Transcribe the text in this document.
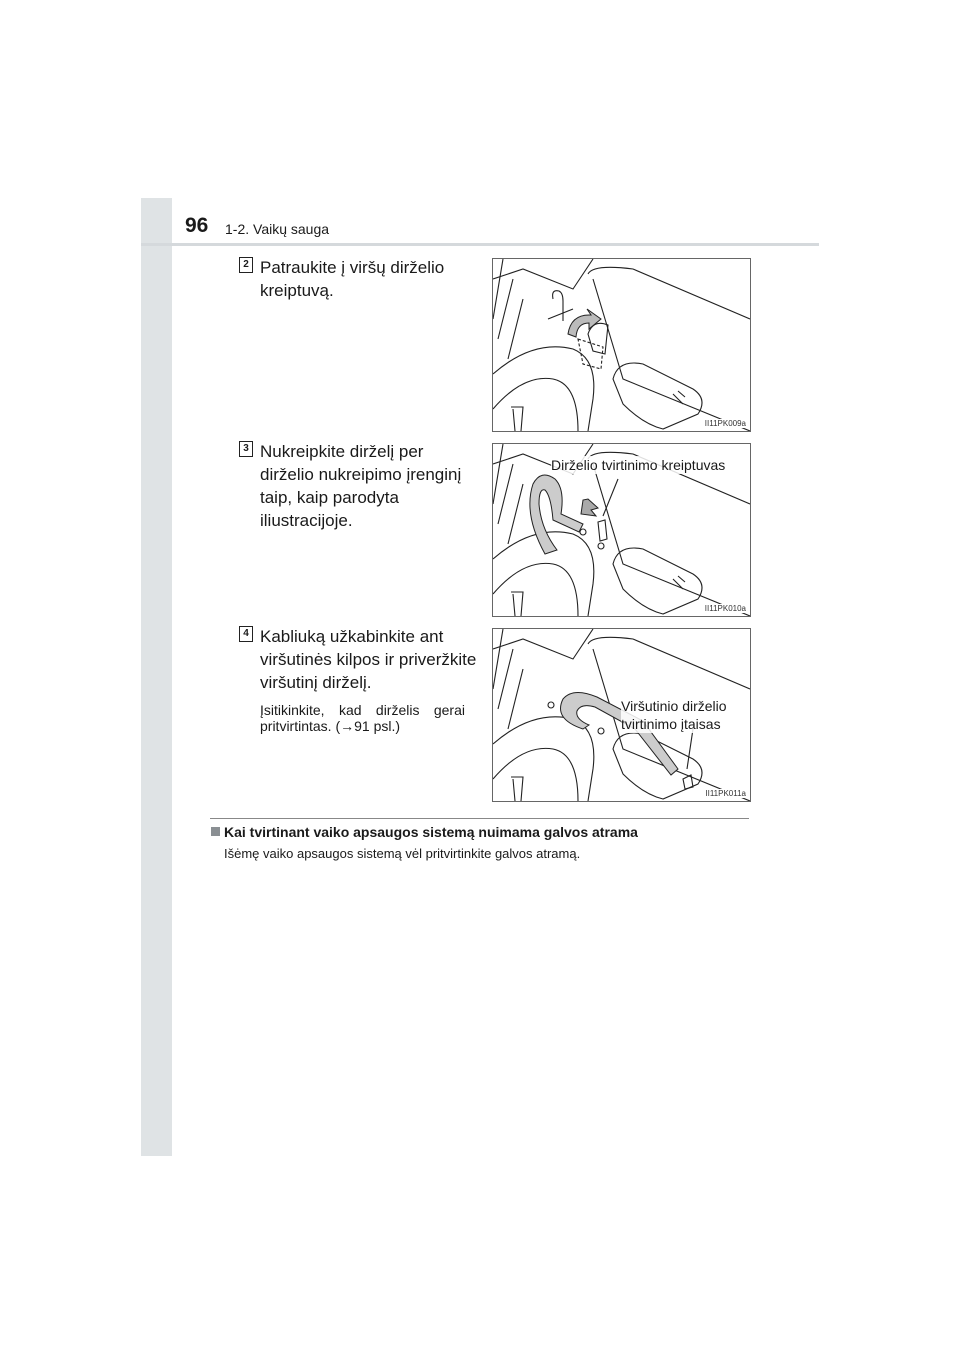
96 1-2. Vaikų sauga
2 Patraukite į viršų dirželio kreiptuvą.

II11PK009a
3 Nukreipkite dirželį per dirželio nukreipimo įrenginį taip, kaip parodyta iliustracijoje.

Dirželio tvirtinimo kreiptuvas
II11PK010a
4 Kabliuką užkabinkite ant viršutinės kilpos ir priveržkite viršutinį dirželį.

Įsitikinkite, kad dirželis gerai pritvirtintas. (→91 psl.)

Viršutinio dirželio tvirtinimo įtaisas
II11PK011a
Kai tvirtinant vaiko apsaugos sistemą nuimama galvos atrama
Išėmę vaiko apsaugos sistemą vėl pritvirtinkite galvos atramą.
